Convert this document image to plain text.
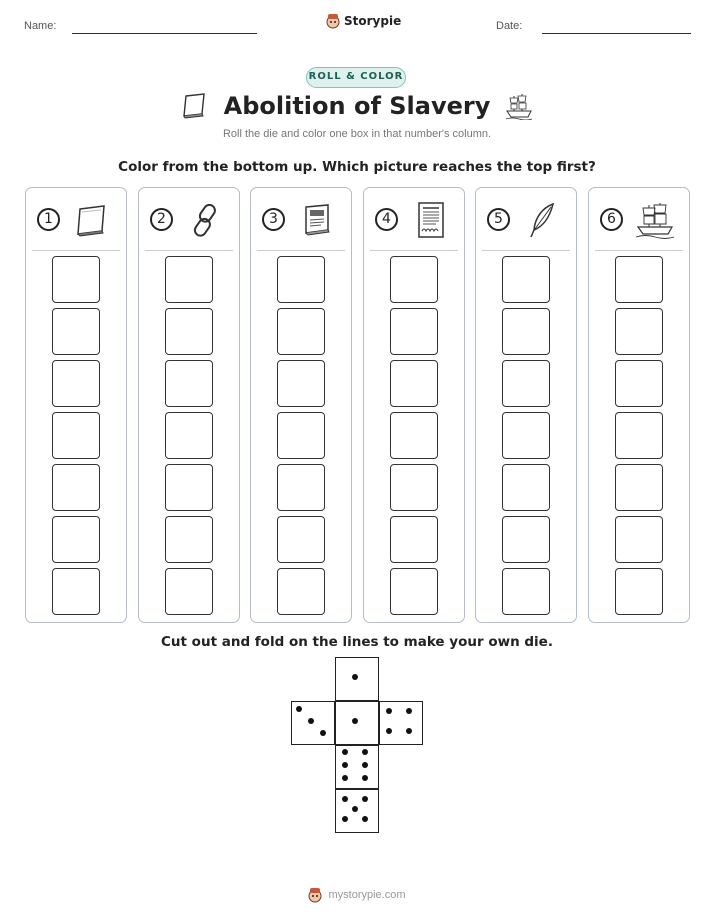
Name:	Storypie	Date:
ROLL & COLOR
Abolition of Slavery
Roll the die and color one box in that number's column.
Color from the bottom up. Which picture reaches the top first?
1	2	3	4	5	6
Cut out and fold on the lines to make your own die.
mystorypie.com
